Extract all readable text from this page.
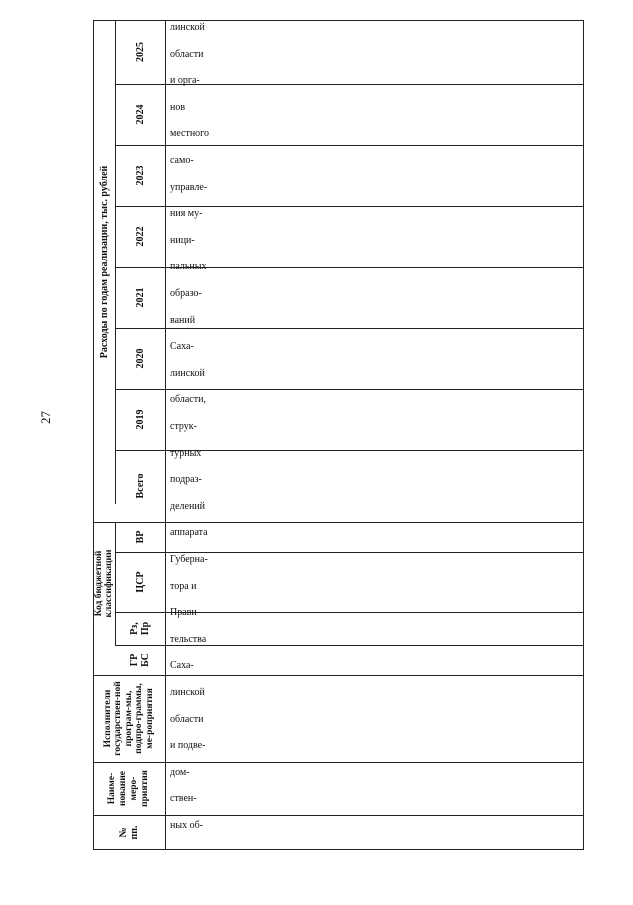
27
Расходы по годам реализации, тыс. рублей
Код бюджетной классификации
2025
2024
2023
2022
2021
2020
2019
Всего
ВР
ЦСР
Рз, Пр
ГР БС
Исполнители государствен-ной програм-мы, подпро-граммы, ме-роприятия
Наиме-нование меро-приятия
№ пп.
линской
области
и орга-
нов
местного
само-
управле-
ния му-
ници-
пальных
образо-
ваний
Саха-
линской
области,
струк-
турных
подраз-
делений
аппарата
Губерна-
тора и
Прави-
тельства
Саха-
линской
области
и подве-
дом-
ствен-
ных об-
